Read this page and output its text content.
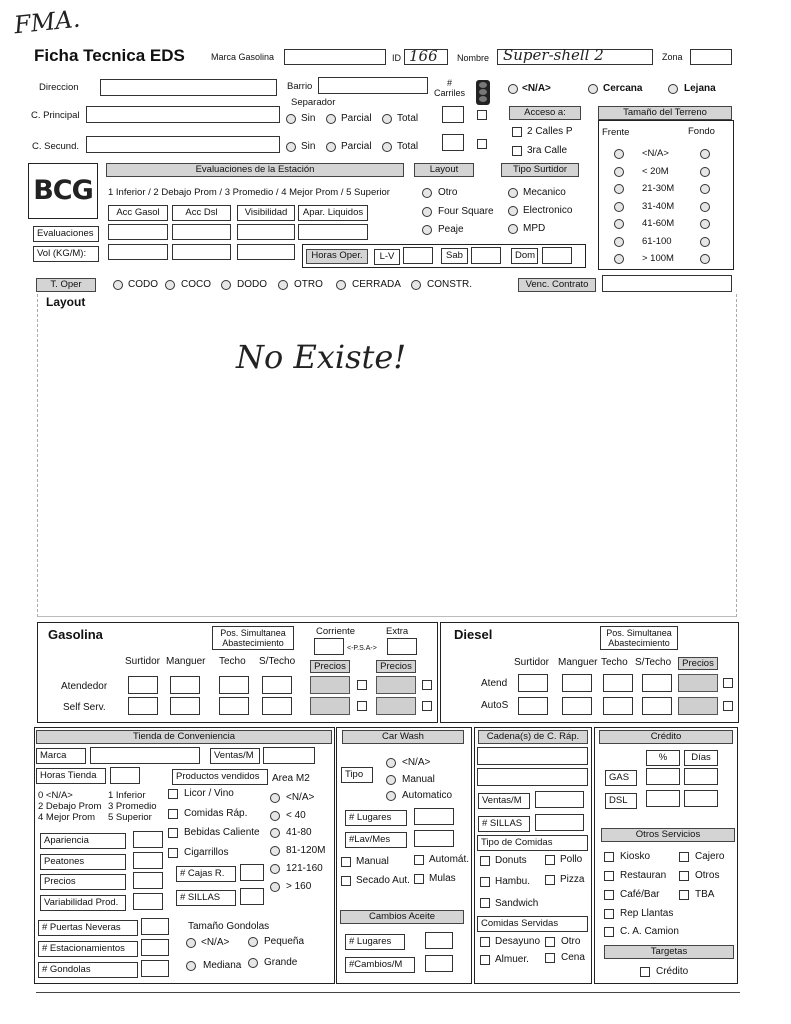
FMA.
Ficha Tecnica EDS	Marca Gasolina	ID 166 Nombre Super-shell 2	Zona
Direccion	Barrio	#
Carriles	<N/A>	Cercana	Lejana
C. Principal
Separador
Sin	Parcial	Total
Acceso a:
2 Calles P
3ra Calle
C. Secund.	Sin	Parcial	Total
Tamaño del Terreno
Frente	Fondo
<N/A>
< 20M
21-30M
31-40M
41-60M
61-100
> 100M
BCG
Evaluaciones de la Estación
1 Inferior / 2 Debajo Prom / 3 Promedio / 4 Mejor Prom / 5 Superior
Acc Gasol	Acc Dsl	Visibilidad	Apar. Liquidos
Evaluaciones
Vol (KG/M):
Layout
Otro
Four Square
Peaje
Tipo Surtidor
Mecanico
Electronico
MPD
Horas Oper.	L-V	Sab	Dom
T. Oper	CODO COCO	DODO	OTRO	CERRADA	CONSTR.	Venc. Contrato
Layout
No Existe!
Gasolina	Pos. Simultanea Abastecimiento
Corriente	Extra
<-P.S.A->
Surtidor Manguer Techo S/Techo	Precios	Precios
Atendedor
Self Serv.
Diesel	Pos. Simultanea Abastecimiento
Surtidor Manguer Techo S/Techo	Precios
Atend
AutoS
Tienda de Conveniencia
Marca	Ventas/M
Horas Tienda	Productos vendidos	Area M2
0 <N/A>	1 Inferior
2 Debajo Prom 3 Promedio
4 Mejor Prom 5 Superior
Licor / Vino
Comidas Ráp.
Bebidas Caliente
Cigarrillos
<N/A>
< 40
41-80
81-120M
121-160
> 160
Apariencia
Peatones
Precios
Variabilidad Prod.
# Cajas R.
# SILLAS
# Puertas Neveras
# Estacionamientos
# Gondolas
Tamaño Gondolas
<N/A>	Pequeña
Mediana Grande
Car Wash
Tipo
<N/A>
Manual
Automatico
# Lugares
#Lav/Mes
Manual	Automát.
Secado Aut. Mulas
Cambios Aceite
# Lugares
#Cambios/M
Cadena(s) de C. Ráp.
Ventas/M
# SILLAS
Tipo de Comidas
Donuts	Pollo
Hambu.	Pizza
Sandwich
Comidas Servidas
Desayuno Otro
Almuer.	Cena
Crédito
%	Días
GAS
DSL
Otros Servicios
Kiosko	Cajero
Restauran	Otros
Café/Bar	TBA
Rep Llantas
C. A. Camion
Targetas
Crédito
